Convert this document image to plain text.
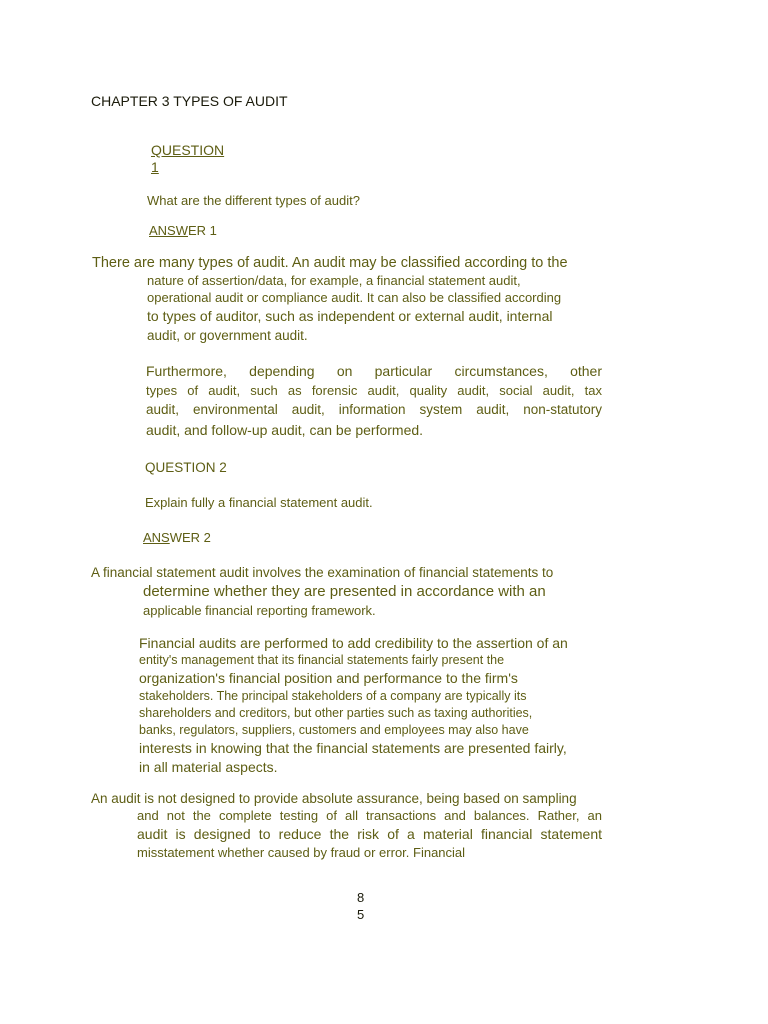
CHAPTER 3 TYPES OF AUDIT
QUESTION
1
What are the different types of audit?
ANSWER 1
There are many types of audit. An audit may be classified according to the
nature of assertion/data, for example, a financial statement audit,
operational audit or compliance audit. It can also be classified according
to types of auditor, such as independent or external audit, internal
audit, or government audit.
Furthermore, depending on particular circumstances, other
types of audit, such as forensic audit, quality audit, social audit, tax
audit, environmental audit, information system audit, non-statutory
audit, and follow-up audit, can be performed.
QUESTION 2
Explain fully a financial statement audit.
ANSWER 2
A financial statement audit involves the examination of financial statements to
determine whether they are presented in accordance with an
applicable financial reporting framework.
Financial audits are performed to add credibility to the assertion of an
entity's management that its financial statements fairly present the
organization's financial position and performance to the firm's
stakeholders. The principal stakeholders of a company are typically its
shareholders and creditors, but other parties such as taxing authorities,
banks, regulators, suppliers, customers and employees may also have
interests in knowing that the financial statements are presented fairly,
in all material aspects.
An audit is not designed to provide absolute assurance, being based on sampling
and not the complete testing of all transactions and balances. Rather, an
audit is designed to reduce the risk of a material financial statement
misstatement whether caused by fraud or error. Financial
8
5
